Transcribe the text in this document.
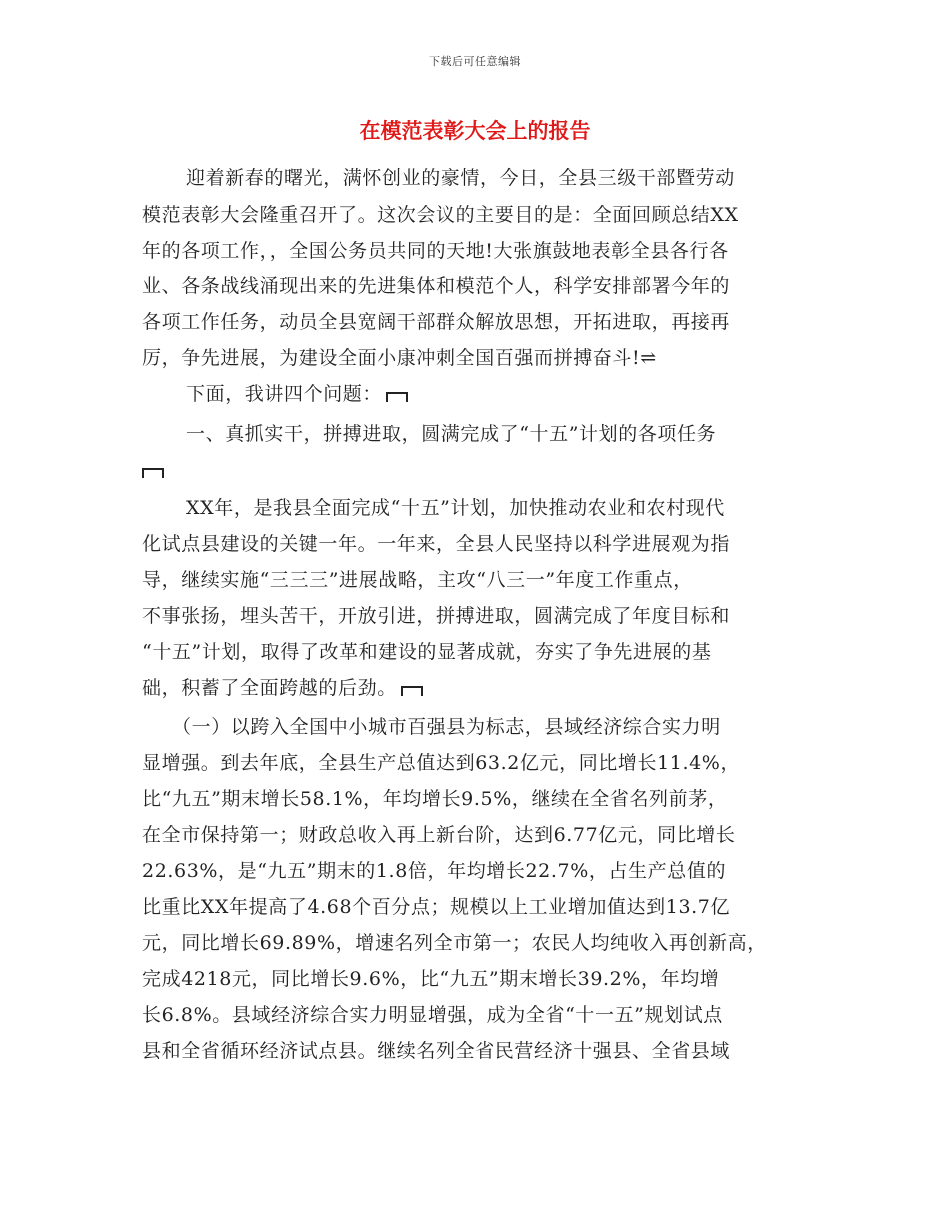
下载后可任意编辑
在模范表彰大会上的报告
迎着新春的曙光，满怀创业的豪情，今日，全县三级干部暨劳动
模范表彰大会隆重召开了。这次会议的主要目的是：全面回顾总结XX
年的各项工作，，全国公务员共同的天地!大张旗鼓地表彰全县各行各
业、各条战线涌现出来的先进集体和模范个人，科学安排部署今年的
各项工作任务，动员全县宽阔干部群众解放思想，开拓进取，再接再
厉，争先进展，为建设全面小康冲刺全国百强而拼搏奋斗!⇌
下面，我讲四个问题：
一、真抓实干，拼搏进取，圆满完成了“十五”计划的各项任务
XX年，是我县全面完成“十五”计划，加快推动农业和农村现代
化试点县建设的关键一年。一年来，全县人民坚持以科学进展观为指
导，继续实施“三三三”进展战略，主攻“八三一”年度工作重点，
不事张扬，埋头苦干，开放引进，拼搏进取，圆满完成了年度目标和
“十五”计划，取得了改革和建设的显著成就，夯实了争先进展的基
础，积蓄了全面跨越的后劲。
（一）以跨入全国中小城市百强县为标志，县域经济综合实力明
显增强。到去年底，全县生产总值达到63.2亿元，同比增长11.4%，
比“九五”期末增长58.1%，年均增长9.5%，继续在全省名列前茅，
在全市保持第一；财政总收入再上新台阶，达到6.77亿元，同比增长
22.63%，是“九五”期末的1.8倍，年均增长22.7%，占生产总值的
比重比XX年提高了4.68个百分点；规模以上工业增加值达到13.7亿
元，同比增长69.89%，增速名列全市第一；农民人均纯收入再创新高，
完成4218元，同比增长9.6%，比“九五”期末增长39.2%，年均增
长6.8%。县域经济综合实力明显增强，成为全省“十一五”规划试点
县和全省循环经济试点县。继续名列全省民营经济十强县、全省县域
